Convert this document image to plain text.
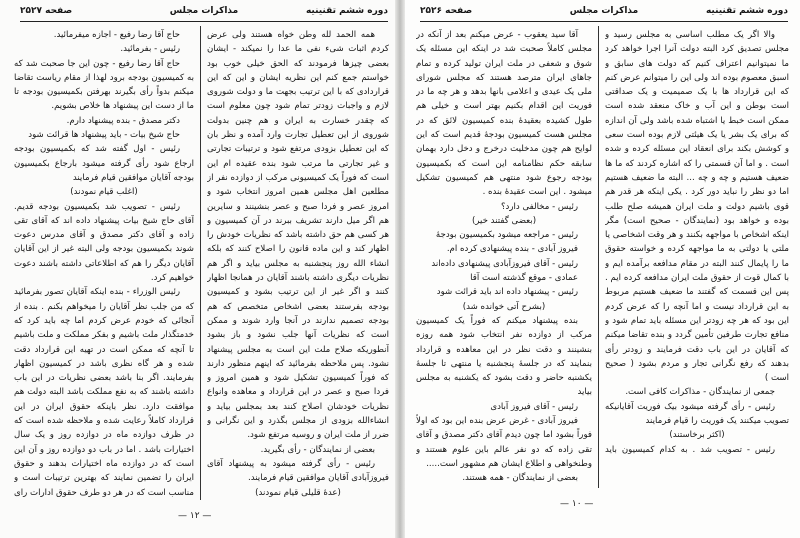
دوره ششم تقنینیه
مذاکرات مجلس
صفحه ۲۵۲۷

همه الحمد لله وطن خواه هستند ولی عرض کردم اثبات شیء نفی ما عدا را نمیکند - ایشان بعضی چیزها فرمودند که الحق خیلی خوب بود خواستم جمع کنم این نظریه ایشان و این که این قراردادی که با این ترتیب بجهت ما و دولت شوروی لازم و واجبات زودتر تمام شود چون معلوم است که چقدر خسارت به ایران و هم چنین بدولت شوروی از این تعطیل تجارت وارد آمده و نظر بان که این تعطیل بزودی مرتفع شود و ترتیبات تجارتی و غیر تجارتی ما مرتب شود بنده عقیده ام این است که فوراً یک کمیسیونی مرکب از دوازده نفر از مطلعین اهل مجلس همین امروز انتخاب شود و امروز عصر و فردا صبح و عصر بنشینند و سایرین هم اگر میل دارند تشریف ببرند در آن کمیسیون و هر کسی هم حق داشته باشد که نظریات خودش را اظهار کند و این ماده قانون را اصلاح کنند که بلکه انشاء الله روز پنجشنبه به مجلس بیاید و اگر هم نظریات دیگری داشته باشند آقایان در همانجا اظهار کنند و اگر غیر از این ترتیب بشود و کمیسیون بودجه بفرستند بعضی اشخاص متخصص که هم بودجه تصمیم ندارند در آنجا وارد شوند و ممکن است که نظریات آنها جلب نشود و باز بشود آنطوریکه صلاح ملت این است به مجلس پیشنهاد نشود. پس ملاحظه بفرمائید که اینهم منظور دارند که فوراً کمیسیون تشکیل شود و همین امروز و فردا صبح و عصر در این قرارداد و معاهده وانواع نظریات خودشان اصلاح کنند بعد بمجلس بیاید و انشاءالله بزودی از مجلس بگذرد و این نگرانی و ضرر از ملت ایران و روسیه مرتفع شود.

بعضی از نمایندگان - رأی بگیرید.

رئیس - رأی گرفته میشود به پیشنهاد آقای فیروزآبادی آقایان موافقین قیام فرمایند.

(عدهٔ قلیلی قیام نمودند)

حاج آقا رضا رفیع - اجازه میفرمائید.

رئیس - بفرمائید.

حاج آقا رضا رفیع - چون این جا صحبت شد که به کمیسیون بودجه برود لهذا از مقام ریاست تقاضا میکنم بدواً رأی بگیرند بهرفتن بکمیسیون بودجه تا ما از دست این پیشنهاد ها خلاص بشویم.

دکتر مصدق - بنده پیشنهاد دارم.

حاج شیخ بیات - باید پیشنهاد ها قرائت شود

رئیس - اول گفته شد که بکمیسیون بودجه ارجاع شود رأی گرفته میشود بارجاع بکمیسیون بودجه آقایان موافقین قیام فرمایند

(اغلب قیام نمودند)

رئیس - تصویب شد بکمیسیون بودجه قدیم. آقای حاج شیخ بیات پیشنهاد داده اند که آقای تقی زاده و آقای دکتر مصدق و آقای مدرس دعوت شوند بکمیسیون بودجه ولی البته غیر از این آقایان آقایان دیگر را هم که اطلاعاتی داشته باشند دعوت خواهیم کرد.

رئیس الوزراء - بنده اینکه آقایان تصور بفرمائید که من جلب نظر آقایان را میخواهم بکنم . بنده از آنجائی که خودم عرض کردم اما چه باید کرد که خدمتگذار ملت باشیم و بفکر مملکت و ملت باشیم تا آنچه که ممکن است در تهیه این قرارداد دقت شده و هر گاه نظری باشد در کمیسیون اظهار بفرمایند. اگر بنا باشد بعضی نظریات در این باب داشته باشند که به نفع مملکت باشد البته دولت هم موافقت دارد. نظر باینکه حقوق ایران در این قرارداد کاملاً رعایت شده و ملاحظه شده است که در ظرف دوازده ماه در دوازده روز و یک سال اختیارات باشد . اما در باب دو دوازده روز و آن این است که در دوازده ماه اختیارات بدهند و حقوق ایران را تضمین نمایند که بهترین ترتیبات است و مناسب است که در هر دو طرف حقوق ادارات رای

— ۱۲ —
دوره ششم تقنینیه
مذاکرات مجلس
صفحه ۲۵۲۶

والا اگر یک مطلب اساسی به مجلس رسید و مجلس تصدیق کرد البته دولت آنرا اجرا خواهد کرد ما نمیتوانیم اعتراف کنیم که دولت های سابق و اسبق معصوم بوده اند ولی این را میتوانم عرض کنم که این قرارداد ها با یک صمیمیت و یک صداقتی است بوطن و این آب و خاک منعقد شده است ممکن است خبط یا اشتباه شده باشد ولی آن اندازه که برای یک بشر یا یک هیئتی لازم بوده است سعی و کوشش بکند برای انعقاد این مسئله کرده و شده است . و اما آن قسمتی را که اشاره کردند که ما ها ضعیف هستیم و چه و چه ... البته ما ضعیف هستیم اما دو نظر را نباید دور کرد . یکی اینکه هر قدر هم قوی باشیم دولت و ملت ایران همیشه صلح طلب بوده و خواهد بود (نمایندگان - صحیح است) مگر اینکه اشخاص با مواجهه بکنند و هر وقت اشخاصی یا ملتی یا دولتی به ما مواجهه کرده و خواسته حقوق ما را پایمال کنند البته در مقام مدافعه برآمده ایم و با کمال قوت از حقوق ملت ایران مدافعه کرده ایم . پس این قسمت که گفتند ما ضعیف هستیم مربوط به این قرارداد نیست و اما آنچه را که عرض کردم این بود که هر چه زودتر این مسئله باید تمام شود و منافع تجارت طرفین تأمین گردد و بنده تقاضا میکنم که آقایان در این باب دقت فرمایند و زودتر رأی بدهند که رفع نگرانی تجار و مردم بشود ( صحیح است )

جمعی از نمایندگان - مذاکرات کافی است.

رئیس - رأی گرفته میشود بیک فوریت آقایانیکه تصویب میکنند یک فوریت را قیام فرمایند

(اکثر برخاستند)

رئیس - تصویب شد . به کدام کمیسیون باید

آقا سید یعقوب - عرض میکنم بعد از آنکه در مجلس کاملاً صحبت شد در اینکه این مسئله یک شوق و شعفی در ملت ایران تولید کرده و تمام جاهای ایران مترصد هستند که مجلس شورای ملی یک عیدی و اعلامی بانها بدهد و هر چه ما در فوریت این اقدام بکنیم بهتر است و خیلی هم طول کشیده بعقیدهٔ بنده کمیسیون لائق که در مجلس هست کمیسیون بودجهٔ قدیم است که این لوایح هم چون مدخلیت درخرج و دخل دارد بهمان سابقه حکم نظامنامه این است که بکمیسیون بودجه رجوع شود منتهی هم کمیسیون تشکیل میشود . این است عقیدهٔ بنده .

رئیس - مخالفی دارد؟

(بعضی گفتند خیر)

رئیس - مراجعه میشود بکمیسیون بودجهٔ

فیروز آبادی - بنده پیشنهادی کرده ام.

رئیس - آقای فیروزآبادی پیشنهادی داده‌اند

عمادی - موقع گذشته است آقا

رئیس - پیشنهاد داده اند باید قرائت شود

(بشرح آتی خوانده شد)

بنده پیشنهاد میکنم که فوراً یک کمیسیون مرکب از دوازده نفر انتخاب شود همه روزه بنشینند و دقت نظر در این معاهده و قرارداد بنمایند که در جلسهٔ پنجشنبه یا منتهی تا جلسهٔ یکشنبه حاضر و دقت بشود که یکشنبه به مجلس بیاید

رئیس - آقای فیروز آبادی

فیروز آبادی - غرض عرض بنده این بود که اولاً فوراً بشود اما چون دیدم آقای دکتر مصدق و آقای تقی زاده که دو نفر عالم باین علوم هستند و وطنخواهی و اطلاع ایشان هم مشهور است.....

بعضی از نمایندگان - همه هستند.

— ۱۰ —
